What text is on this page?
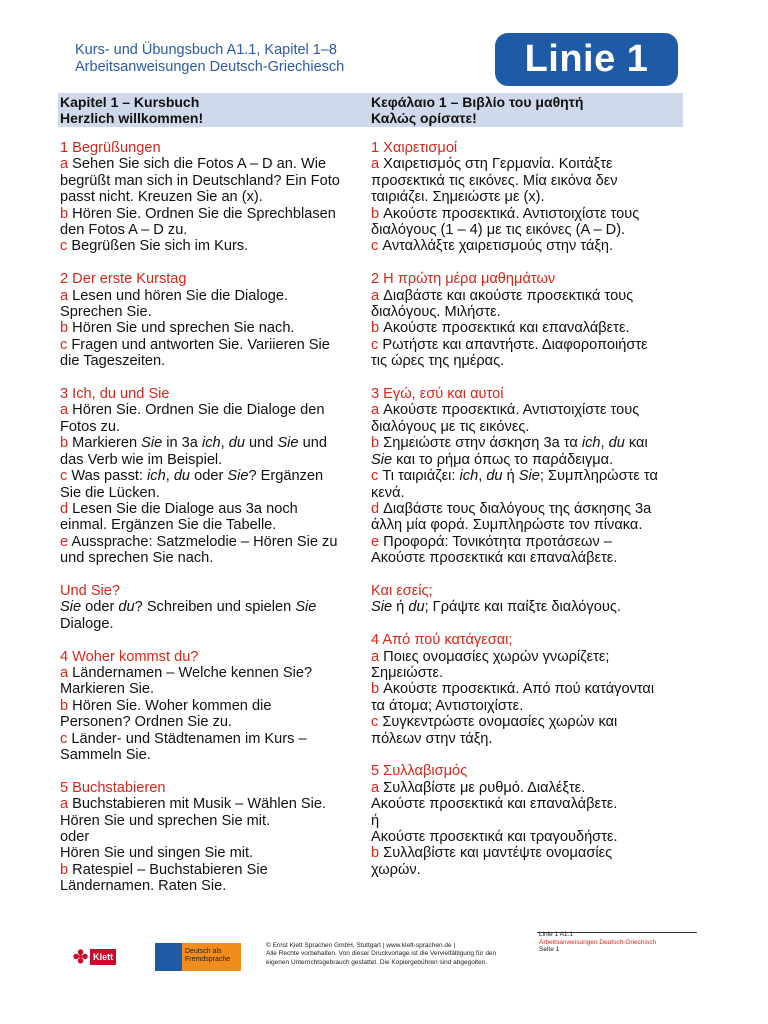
Kurs- und Übungsbuch A1.1, Kapitel 1–8
Arbeitsanweisungen Deutsch-Griechiesch	Linie 1
Kapitel 1 – Kursbuch
Herzlich willkommen!
Κεφάλαιο 1 – Βιβλίο του μαθητή
Καλώς ορίσατε!
1 Begrüßungen
a Sehen Sie sich die Fotos A – D an. Wie
begrüßt man sich in Deutschland? Ein Foto
passt nicht. Kreuzen Sie an (x).
b Hören Sie. Ordnen Sie die Sprechblasen
den Fotos A – D zu.
c Begrüßen Sie sich im Kurs.
2 Der erste Kurstag
a Lesen und hören Sie die Dialoge.
Sprechen Sie.
b Hören Sie und sprechen Sie nach.
c Fragen und antworten Sie. Variieren Sie
die Tageszeiten.
3 Ich, du und Sie
a Hören Sie. Ordnen Sie die Dialoge den
Fotos zu.
b Markieren Sie in 3a ich, du und Sie und
das Verb wie im Beispiel.
c Was passt: ich, du oder Sie? Ergänzen
Sie die Lücken.
d Lesen Sie die Dialoge aus 3a noch
einmal. Ergänzen Sie die Tabelle.
e Aussprache: Satzmelodie – Hören Sie zu
und sprechen Sie nach.
Und Sie?
Sie oder du? Schreiben und spielen Sie
Dialoge.
4 Woher kommst du?
a Ländernamen – Welche kennen Sie?
Markieren Sie.
b Hören Sie. Woher kommen die
Personen? Ordnen Sie zu.
c Länder- und Städtenamen im Kurs –
Sammeln Sie.
5 Buchstabieren
a Buchstabieren mit Musik – Wählen Sie.
Hören Sie und sprechen Sie mit.
oder
Hören Sie und singen Sie mit.
b Ratespiel – Buchstabieren Sie
Ländernamen. Raten Sie.
1 Χαιρετισμοί
a Χαιρετισμός στη Γερμανία. Κοιτάξτε
προσεκτικά τις εικόνες. Μία εικόνα δεν
ταιριάζει. Σημειώστε με (x).
b Ακούστε προσεκτικά. Αντιστοιχίστε τους
διαλόγους (1 – 4) με τις εικόνες (A – D).
c Ανταλλάξτε χαιρετισμούς στην τάξη.
2 Η πρώτη μέρα μαθημάτων
a Διαβάστε και ακούστε προσεκτικά τους
διαλόγους. Μιλήστε.
b Ακούστε προσεκτικά και επαναλάβετε.
c Ρωτήστε και απαντήστε. Διαφοροποιήστε
τις ώρες της ημέρας.
3 Εγώ, εσύ και αυτοί
a Ακούστε προσεκτικά. Αντιστοιχίστε τους
διαλόγους με τις εικόνες.
b Σημειώστε στην άσκηση 3a τα ich, du και
Sie και το ρήμα όπως το παράδειγμα.
c Τι ταιριάζει: ich, du ή Sie; Συμπληρώστε τα
κενά.
d Διαβάστε τους διαλόγους της άσκησης 3a
άλλη μία φορά. Συμπληρώστε τον πίνακα.
e Προφορά: Τονικότητα προτάσεων –
Ακούστε προσεκτικά και επαναλάβετε.
Και εσείς;
Sie ή du; Γράψτε και παίξτε διαλόγους.
4 Από πού κατάγεσαι;
a Ποιες ονομασίες χωρών γνωρίζετε;
Σημειώστε.
b Ακούστε προσεκτικά. Από πού κατάγονται
τα άτομα; Αντιστοιχίστε.
c Συγκεντρώστε ονομασίες χωρών και
πόλεων στην τάξη.
5 Συλλαβισμός
a Συλλαβίστε με ρυθμό. Διαλέξτε.
Ακούστε προσεκτικά και επαναλάβετε.
ή
Ακούστε προσεκτικά και τραγουδήστε.
b Συλλαβίστε και μαντέψτε ονομασίες
χωρών.
✤ Klett
Deutsch als Fremdsprache
© Ernst Klett Sprachen GmbH, Stuttgart | www.klett-sprachen.de |
Alle Rechte vorbehalten. Von dieser Druckvorlage ist die Vervielfältigung für den
eigenen Unterrichtsgebrauch gestattet. Die Kopiergebühren sind abgegolten.
Linie 1 A1.1
Arbeitsanweisungen Deutsch-Griechisch
Seite 1
